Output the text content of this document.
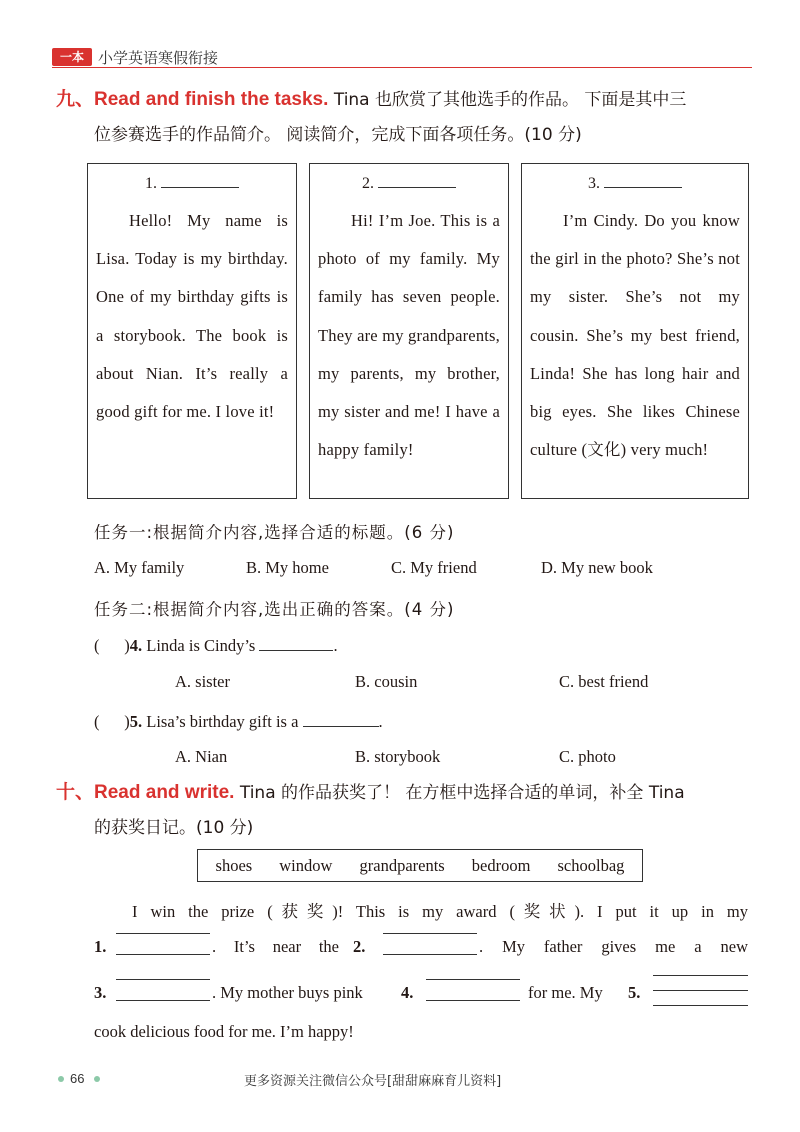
一本 小学英语寒假衔接
九、Read and finish the tasks. Tina 也欣赏了其他选手的作品。 下面是其中三
位参赛选手的作品简介。 阅读简介，完成下面各项任务。(10 分)
1.
Hello! My name is Lisa. Today is my birthday. One of my birthday gifts is a storybook. The book is about Nian. It’s really a good gift for me. I love it!
2.
Hi! I’m Joe. This is a photo of my family. My family has seven people. They are my grandparents, my parents, my brother, my sister and me! I have a happy family!
3.
I’m Cindy. Do you know the girl in the photo? She’s not my sister. She’s not my cousin. She’s my best friend, Linda! She has long hair and big eyes. She likes Chinese culture (文化) very much!
任务一:根据简介内容,选择合适的标题。(6 分)
A. My family	B. My home	C. My friend	D. My new book
任务二:根据简介内容,选出正确的答案。(4 分)
(      )4. Linda is Cindy’s	.
A. sister	B. cousin	C. best friend
(      )5. Lisa’s birthday gift is a	.
A. Nian	B. storybook	C. photo
十、Read and write. Tina 的作品获奖了！ 在方框中选择合适的单词，补全 Tina
的获奖日记。(10 分)
shoes window grandparents bedroom schoolbag
I win the prize (获奖)! This is my award (奖状). I put it up in my
1.	. It’s near the 2.	. My father gives me a new
3.	. My mother buys pink	4.	for me. My 5.
cook delicious food for me. I’m happy!
66	更多资源关注微信公众号[甜甜麻麻育儿资料]
